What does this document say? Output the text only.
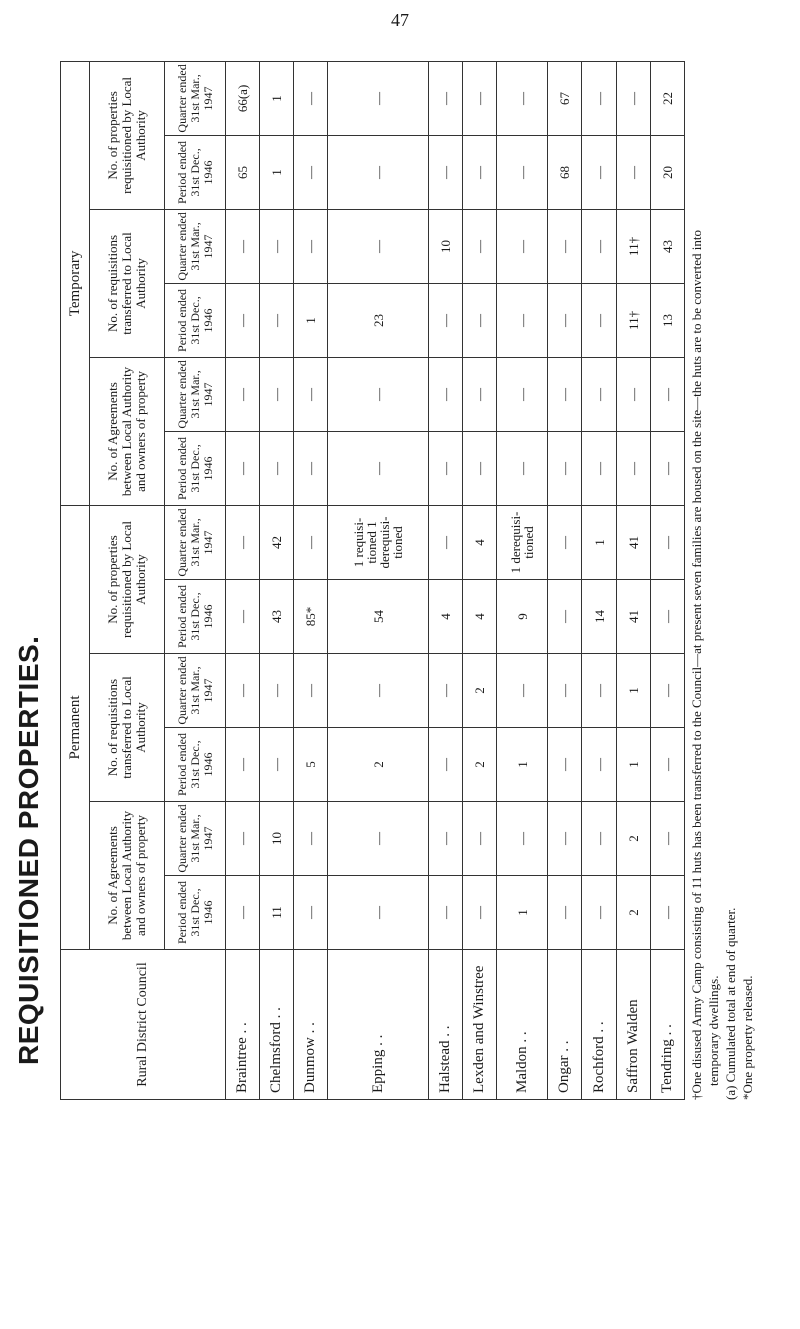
47
REQUISITIONED PROPERTIES.	Rural District Council	Permanent						Temporary					
	No. of Agreements between Local Authority and owners of property		No. of requisitions transferred to Local Authority		No. of properties requisitioned by Local Authority		No. of Agreements between Local Authority and owners of property		No. of requisitions transferred to Local Authority		No. of properties requisitioned by Local Authority	
	Period ended 31st Dec., 1946	Quarter ended 31st Mar., 1947	Period ended 31st Dec., 1946	Quarter ended 31st Mar., 1947	Period ended 31st Dec., 1946	Quarter ended 31st Mar., 1947	Period ended 31st Dec., 1946	Quarter ended 31st Mar., 1947	Period ended 31st Dec., 1946	Quarter ended 31st Mar., 1947	Period ended 31st Dec., 1946	Quarter ended 31st Mar., 1947
Braintree . .	—	—	—	—	—	—	—	—	—	—	65	66(a)
Chelmsford . .	11	10	—	—	43	42	—	—	—	—	1	1
Dunmow . .	—	—	5	—	85*	—	—	—	1	—	—	—
Epping . .	—	—	2	—	54	1 requisi- tioned 1 derequisi- tioned	—	—	23	—	—	—
Halstead . .	—	—	—	—	4	—	—	—	—	10	—	—
Lexden and Winstree	—	—	2	2	4	4	—	—	—	—	—	—
Maldon . .	1	—	1	—	9	1 derequisi- tioned	—	—	—	—	—	—
Ongar . .	—	—	—	—	—	—	—	—	—	—	68	67
Rochford . .	—	—	—	—	14	1	—	—	—	—	—	—
Saffron Walden	2	2	1	1	41	41	—	—	11†	11†	—	—
Tendring . .	—	—	—	—	—	—	—	—	13	43	20	22
†One disused Army Camp consisting of 11 huts has been transferred to the Council—at present seven families are housed on the site—the huts are to be converted into temporary dwellings. (a) Cumulated total at end of quarter. *One property released.
